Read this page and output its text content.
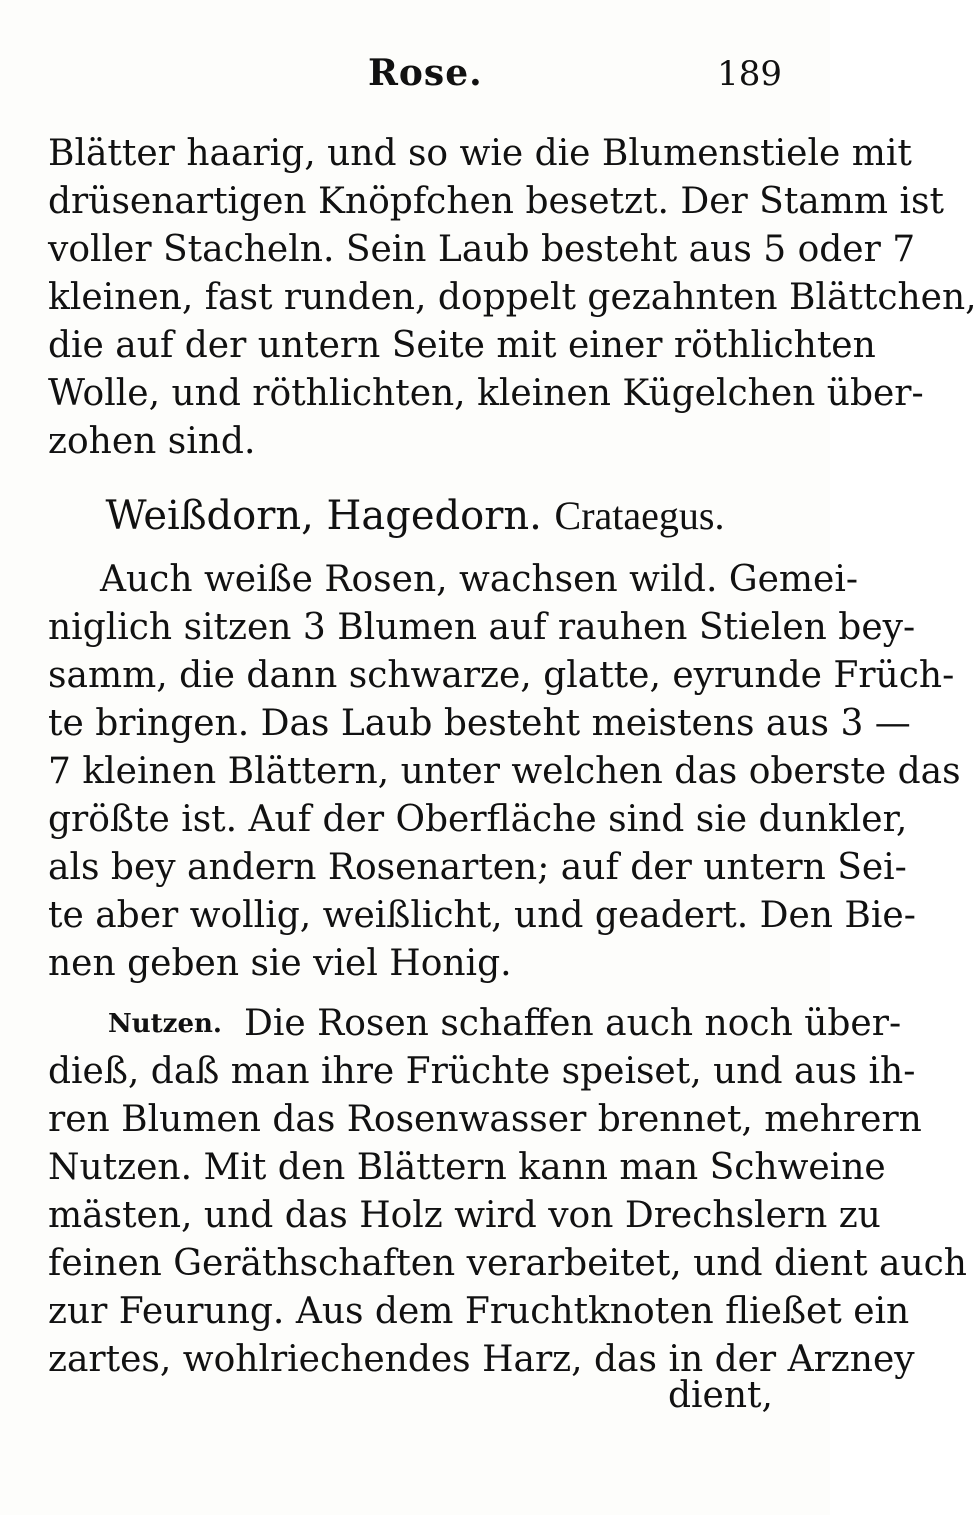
Rose.	189
Blätter haarig, und so wie die Blumenstiele mit
drüsenartigen Knöpfchen besetzt. Der Stamm ist
voller Stacheln. Sein Laub besteht aus 5 oder 7
kleinen, fast runden, doppelt gezahnten Blättchen,
die auf der untern Seite mit einer röthlichten
Wolle, und röthlichten, kleinen Kügelchen über-
zohen sind.
Weißdorn, Hagedorn. Crataegus.
Auch weiße Rosen, wachsen wild. Gemei-
niglich sitzen 3 Blumen auf rauhen Stielen bey-
samm, die dann schwarze, glatte, eyrunde Früch-
te bringen. Das Laub besteht meistens aus 3 —
7 kleinen Blättern, unter welchen das oberste das
größte ist. Auf der Oberfläche sind sie dunkler,
als bey andern Rosenarten; auf der untern Sei-
te aber wollig, weißlicht, und geadert. Den Bie-
nen geben sie viel Honig.
Nutzen. Die Rosen schaffen auch noch über-
dieß, daß man ihre Früchte speiset, und aus ih-
ren Blumen das Rosenwasser brennet, mehrern
Nutzen. Mit den Blättern kann man Schweine
mästen, und das Holz wird von Drechslern zu
feinen Geräthschaften verarbeitet, und dient auch
zur Feurung. Aus dem Fruchtknoten fließet ein
zartes, wohlriechendes Harz, das in der Arzney
dient,
